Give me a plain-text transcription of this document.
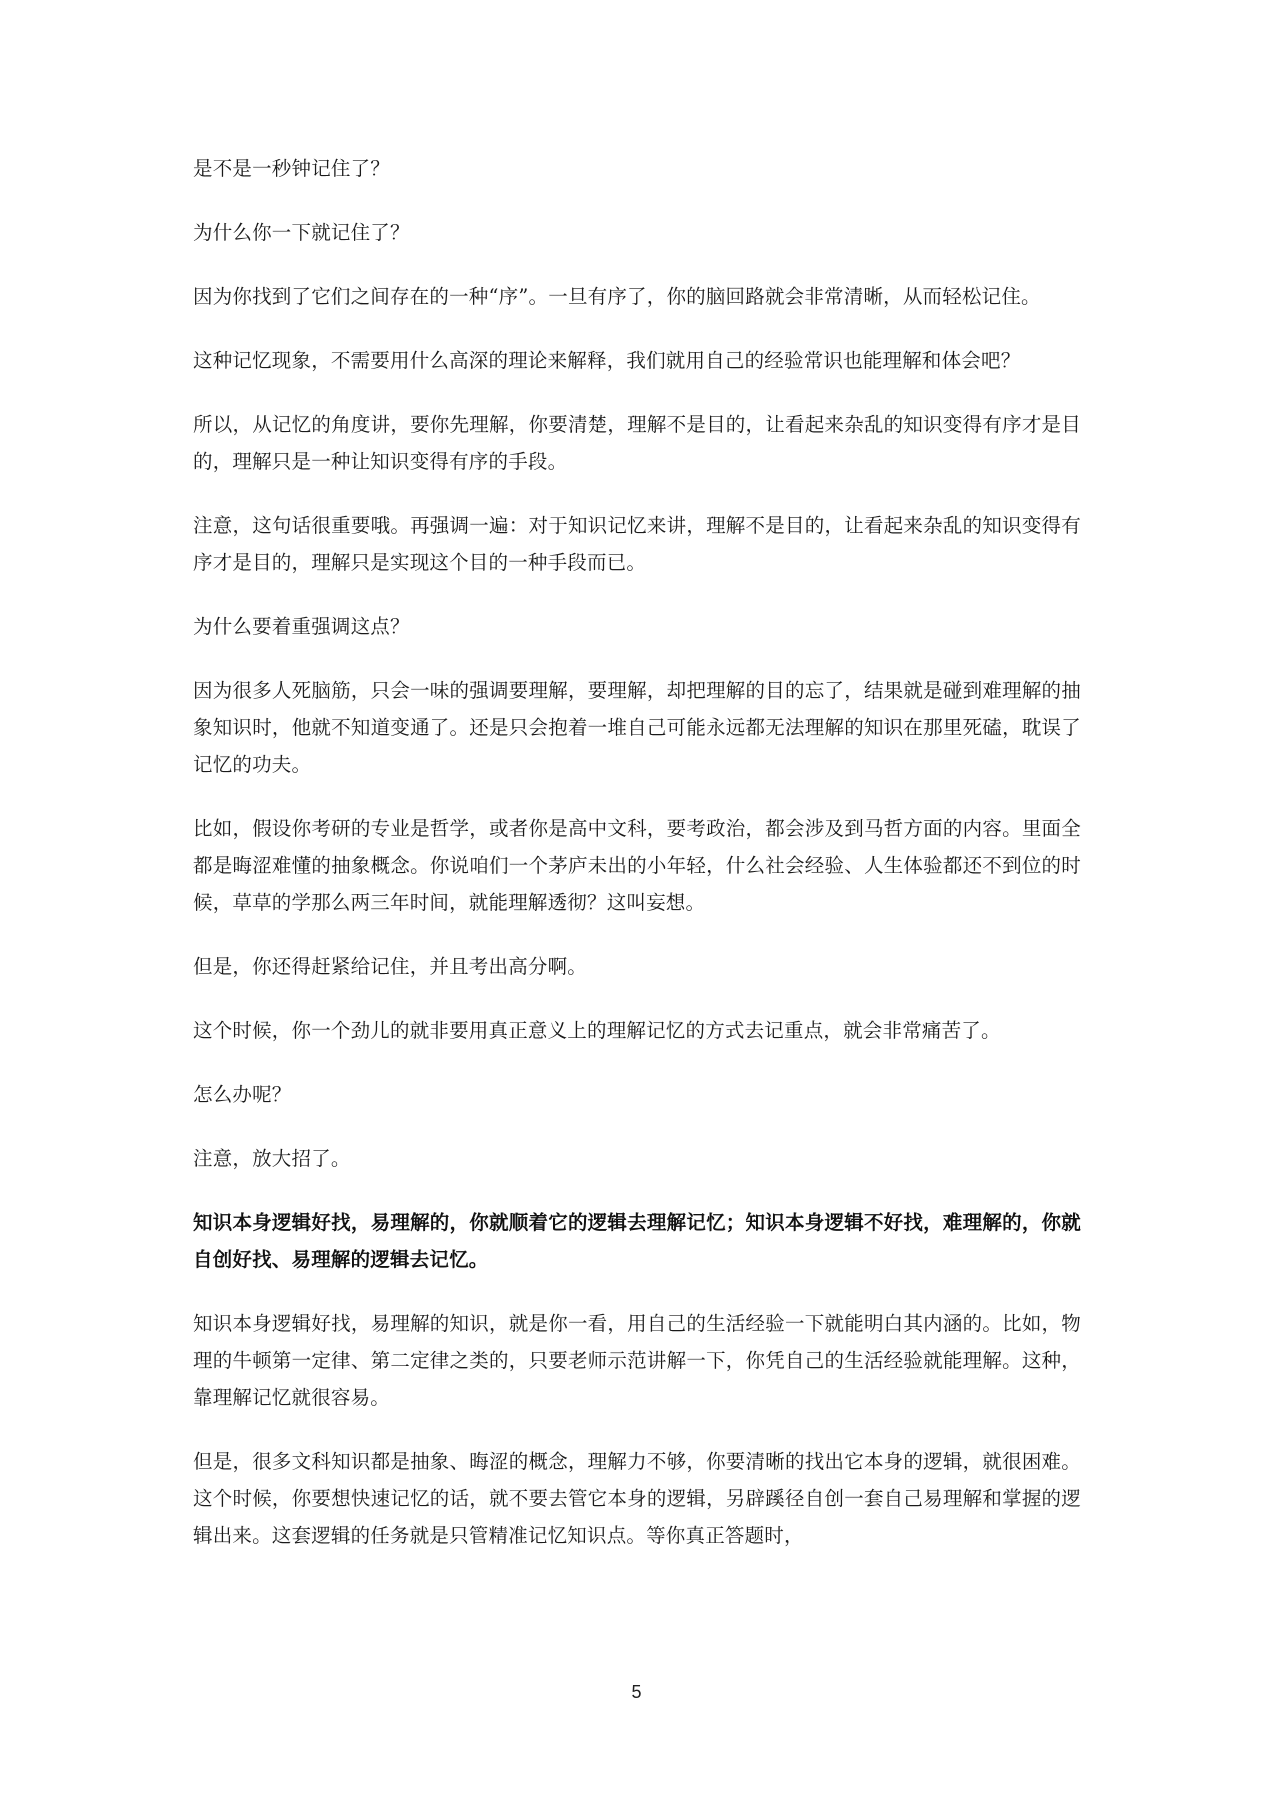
是不是一秒钟记住了？

为什么你一下就记住了？

因为你找到了它们之间存在的一种“序”。一旦有序了，你的脑回路就会非常清晰，从而轻松记住。

这种记忆现象，不需要用什么高深的理论来解释，我们就用自己的经验常识也能理解和体会吧？

所以，从记忆的角度讲，要你先理解，你要清楚，理解不是目的，让看起来杂乱的知识变得有序才是目的，理解只是一种让知识变得有序的手段。

注意，这句话很重要哦。再强调一遍：对于知识记忆来讲，理解不是目的，让看起来杂乱的知识变得有序才是目的，理解只是实现这个目的一种手段而已。

为什么要着重强调这点？

因为很多人死脑筋，只会一味的强调要理解，要理解，却把理解的目的忘了，结果就是碰到难理解的抽象知识时，他就不知道变通了。还是只会抱着一堆自己可能永远都无法理解的知识在那里死磕，耽误了记忆的功夫。

比如，假设你考研的专业是哲学，或者你是高中文科，要考政治，都会涉及到马哲方面的内容。里面全都是晦涩难懂的抽象概念。你说咱们一个茅庐未出的小年轻，什么社会经验、人生体验都还不到位的时候，草草的学那么两三年时间，就能理解透彻？这叫妄想。

但是，你还得赶紧给记住，并且考出高分啊。

这个时候，你一个劲儿的就非要用真正意义上的理解记忆的方式去记重点，就会非常痛苦了。

怎么办呢？

注意，放大招了。

知识本身逻辑好找，易理解的，你就顺着它的逻辑去理解记忆；知识本身逻辑不好找，难理解的，你就自创好找、易理解的逻辑去记忆。

知识本身逻辑好找，易理解的知识，就是你一看，用自己的生活经验一下就能明白其内涵的。比如，物理的牛顿第一定律、第二定律之类的，只要老师示范讲解一下，你凭自己的生活经验就能理解。这种，靠理解记忆就很容易。

但是，很多文科知识都是抽象、晦涩的概念，理解力不够，你要清晰的找出它本身的逻辑，就很困难。这个时候，你要想快速记忆的话，就不要去管它本身的逻辑，另辟蹊径自创一套自己易理解和掌握的逻辑出来。这套逻辑的任务就是只管精准记忆知识点。等你真正答题时，

5
